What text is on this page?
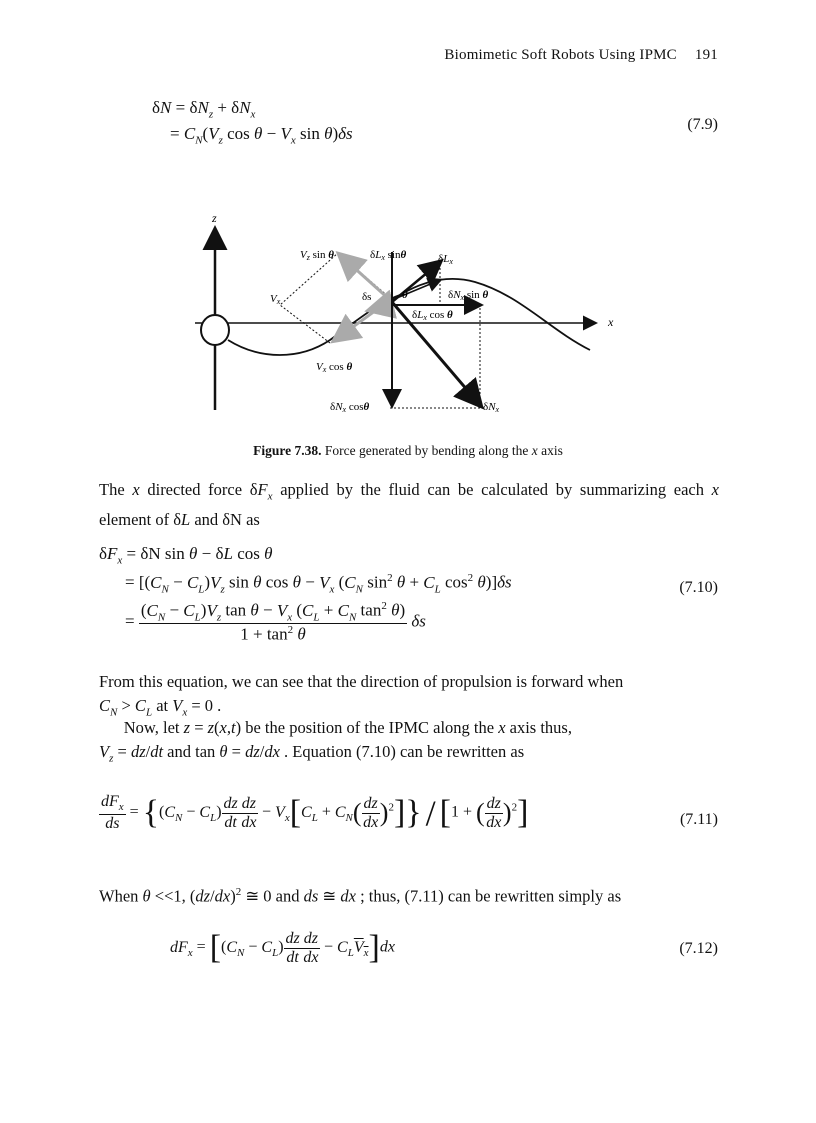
Biomimetic Soft Robots Using IPMC 191
$\delta N = \delta N_z + \delta N_x$
= $C_N(V_z$ $\cos \theta - V_x$ sin θ)δs	(7.9)
z
x
Vz sin θ	δLx sinθ	δLx
Vx	δs	θ	δNx sin θ
δLx cos θ
Vx cos θ
δNx cosθ	δNx
Figure 7.38. Force generated by bending along the x axis
The x directed force $\delta F_x$ applied by the fluid can be calculated by summarizing each x element of δL and δN as
$\delta F_x = \delta N$ sin θ − δL cos θ
= [$(C_N - C_L)V_z$ sin θ $\cos \theta - V_x$ ($C_N$ $\sin^2 \theta + C_L$ $\cos^2 \theta)]\delta s$
= $\frac{(C_N - C_L)V_z \tan \theta - V_x (C_L + C_N \tan^2 \theta)}{1 + \tan^2 \theta}$ δs
(7.10)
From this equation, we can see that the direction of propulsion is forward when
$C_N > C_L$ at $V_x = 0$ .
Now, let z = z(x,t) be the position of the IPMC along the x axis thus,
$V_z = dz/dt$ and tan θ = dz/dx . Equation (7.10) can be rewritten as
$\frac{dF_x}{ds} = \{(C_N - C_L) \frac{dz}{dt} \frac{dz}{dx} - V_x[C_L + C_N( \frac{dz}{dx} )^2]\} / [1$ + ( $\frac{dz}{dx} )^2$]	(7.11)
When θ <<1, $(dz/dx)^2$ ≅ 0 and ds ≅ dx ; thus, (7.11) can be rewritten simply as
$dF_x = [(C_N - C_L) \frac{dz}{dt} \frac{dz}{dx} - C_LV_x]dx$	(7.12)
